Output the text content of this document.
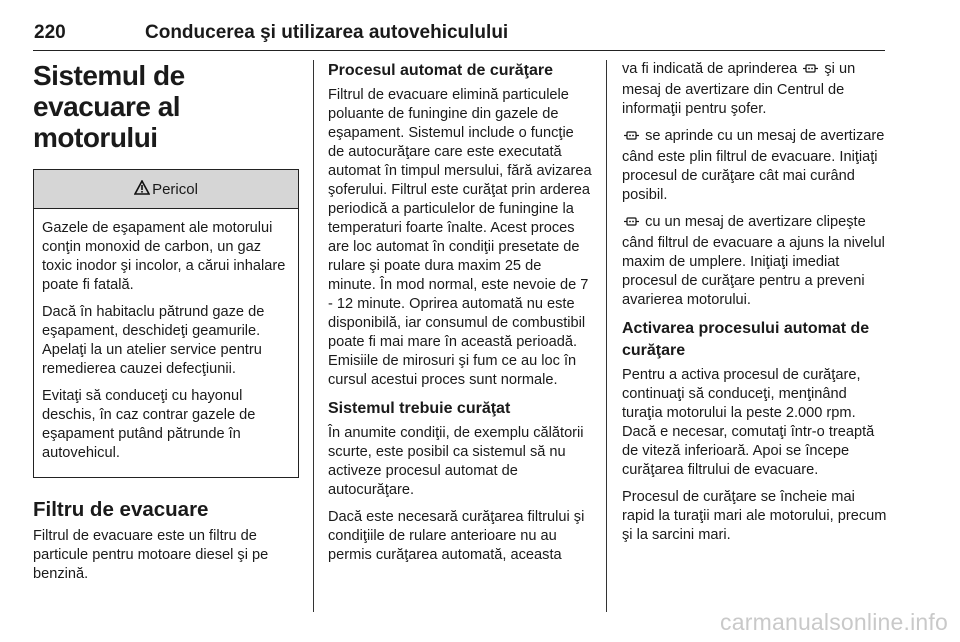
220	Conducerea şi utilizarea autovehiculului
Sistemul de evacuare al
motorului
Pericol

Gazele de eşapament ale motorului conţin monoxid de carbon, un gaz toxic inodor şi incolor, a cărui inhalare poate fi fatală.

Dacă în habitaclu pătrund gaze de eşapament, deschideţi geamurile. Apelaţi la un atelier service pentru remedierea cauzei defecţiunii.

Evitaţi să conduceţi cu hayonul deschis, în caz contrar gazele de eşapament putând pătrunde în autovehicul.

Filtru de evacuare

Filtrul de evacuare este un filtru de particule pentru motoare diesel şi pe benzină.

Procesul automat de curăţare

Filtrul de evacuare elimină particulele poluante de funingine din gazele de eşapament. Sistemul include o funcţie de autocurăţare care este executată automat în timpul mersului, fără avizarea şoferului. Filtrul este curăţat prin arderea periodică a particulelor de funingine la temperaturi foarte înalte. Acest proces are loc automat în condiţii presetate de rulare şi poate dura maxim 25 de minute. În mod normal, este nevoie de 7 - 12 minute. Oprirea automată nu este disponibilă, iar consumul de combustibil poate fi mai mare în această perioadă. Emisiile de mirosuri şi fum ce au loc în cursul acestui proces sunt normale.

Sistemul trebuie curăţat

În anumite condiţii, de exemplu călătorii scurte, este posibil ca sistemul să nu activeze procesul automat de autocurăţare.

Dacă este necesară curăţarea filtrului şi condiţiile de rulare anterioare nu au permis curăţarea automată, aceasta

va fi indicată de aprinderea şi un mesaj de avertizare din Centrul de informaţii pentru şofer.

se aprinde cu un mesaj de avertizare când este plin filtrul de evacuare. Iniţiaţi procesul de curăţare cât mai curând posibil.

cu un mesaj de avertizare clipeşte când filtrul de evacuare a ajuns la nivelul maxim de umplere. Iniţiaţi imediat procesul de curăţare pentru a preveni avarierea motorului.

Activarea procesului automat de curăţare

Pentru a activa procesul de curăţare, continuaţi să conduceţi, menţinând turaţia motorului la peste 2.000 rpm. Dacă e necesar, comutaţi într-o treaptă de viteză inferioară. Apoi se începe curăţarea filtrului de evacuare.

Procesul de curăţare se încheie mai rapid la turaţii mari ale motorului, precum şi la sarcini mari.

carmanualsonline.info
